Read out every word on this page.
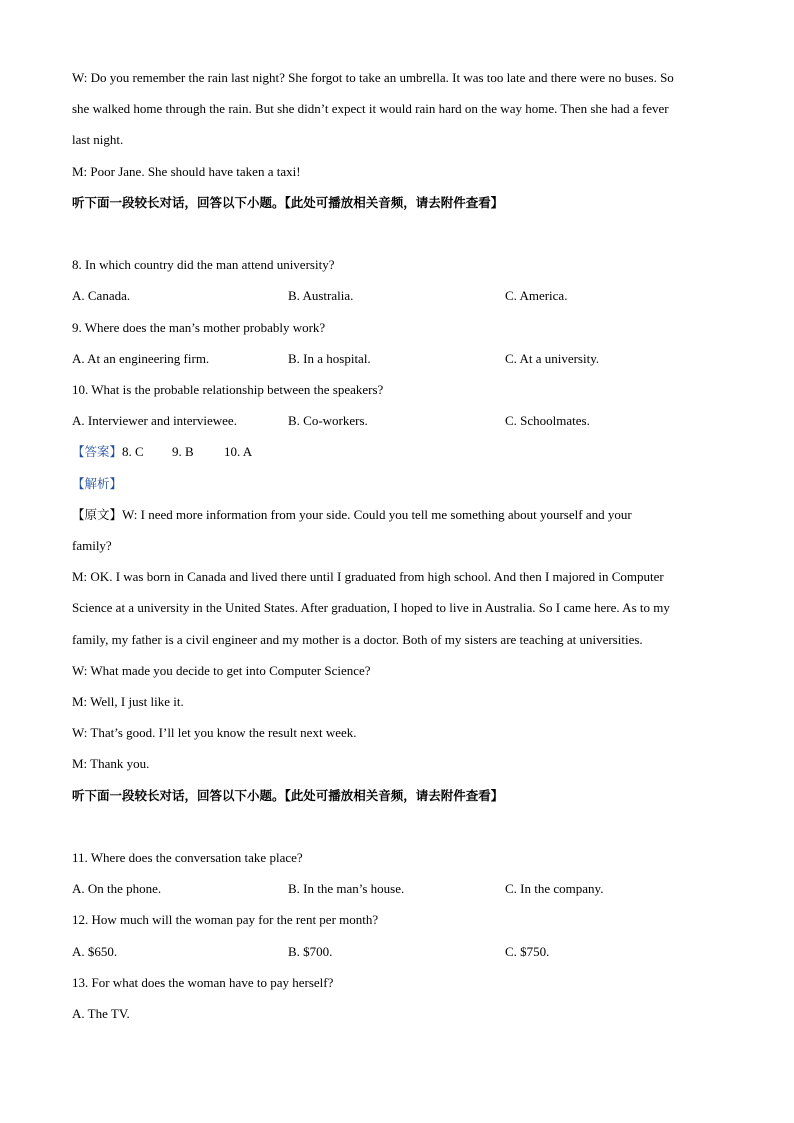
W: Do you remember the rain last night? She forgot to take an umbrella. It was too late and there were no buses. So
she walked home through the rain. But she didn’t expect it would rain hard on the way home. Then she had a fever
last night.
M: Poor Jane. She should have taken a taxi!
听下面一段较长对话，回答以下小题。【此处可播放相关音频，请去附件查看】
8. In which country did the man attend university?
A. Canada.	B. Australia.	C. America.
9. Where does the man’s mother probably work?
A. At an engineering firm.	B. In a hospital.	C. At a university.
10. What is the probable relationship between the speakers?
A. Interviewer and interviewee.	B. Co-workers.	C. Schoolmates.
【答案】8. C 9. B 10. A
【解析】
【原文】W: I need more information from your side. Could you tell me something about yourself and your
family?
M: OK. I was born in Canada and lived there until I graduated from high school. And then I majored in Computer
Science at a university in the United States. After graduation, I hoped to live in Australia. So I came here. As to my
family, my father is a civil engineer and my mother is a doctor. Both of my sisters are teaching at universities.
W: What made you decide to get into Computer Science?
M: Well, I just like it.
W: That’s good. I’ll let you know the result next week.
M: Thank you.
听下面一段较长对话，回答以下小题。【此处可播放相关音频，请去附件查看】
11. Where does the conversation take place?
A. On the phone.	B. In the man’s house.	C. In the company.
12. How much will the woman pay for the rent per month?
A. $650.	B. $700.	C. $750.
13. For what does the woman have to pay herself?
A. The TV.
